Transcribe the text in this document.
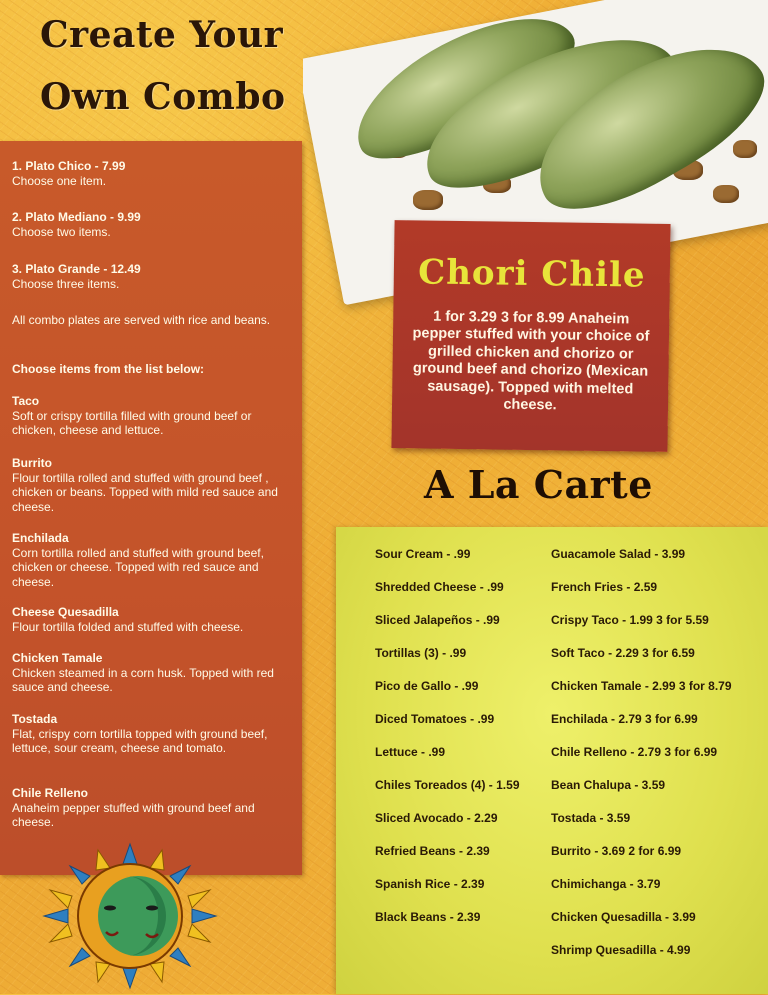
Create Your
Own Combo
1. Plato Chico - 7.99
Choose one item.
2. Plato Mediano - 9.99
Choose two items.
3. Plato Grande - 12.49
Choose three items.
All combo plates are served with rice and beans.
Choose items from the list below:
Taco
Soft or crispy tortilla filled with ground beef or chicken, cheese and lettuce.
Burrito
Flour tortilla rolled and stuffed with ground beef , chicken or beans. Topped with mild red sauce and cheese.
Enchilada
Corn tortilla rolled and stuffed with ground beef, chicken or cheese. Topped with red sauce and cheese.
Cheese Quesadilla
Flour tortilla folded and stuffed with cheese.
Chicken Tamale
Chicken steamed in a corn husk. Topped with red sauce and cheese.
Tostada
Flat, crispy corn tortilla topped with ground beef, lettuce, sour cream, cheese and tomato.
Chile Relleno
Anaheim pepper stuffed with ground beef and cheese.
Chori Chile
1 for 3.29 3 for 8.99 Anaheim pepper stuffed with your choice of grilled chicken and chorizo or ground beef and chorizo (Mexican sausage). Topped with melted cheese.
A La Carte
Sour Cream - .99
Shredded Cheese - .99
Sliced Jalapeños - .99
Tortillas (3) - .99
Pico de Gallo - .99
Diced Tomatoes - .99
Lettuce - .99
Chiles Toreados (4) - 1.59
Sliced Avocado - 2.29
Refried Beans - 2.39
Spanish Rice - 2.39
Black Beans - 2.39
Guacamole Salad - 3.99
French Fries - 2.59
Crispy Taco - 1.99 3 for 5.59
Soft Taco - 2.29 3 for 6.59
Chicken Tamale - 2.99 3 for 8.79
Enchilada - 2.79 3 for 6.99
Chile Relleno - 2.79 3 for 6.99
Bean Chalupa - 3.59
Tostada - 3.59
Burrito - 3.69 2 for 6.99
Chimichanga - 3.79
Chicken Quesadilla - 3.99
Shrimp Quesadilla - 4.99
